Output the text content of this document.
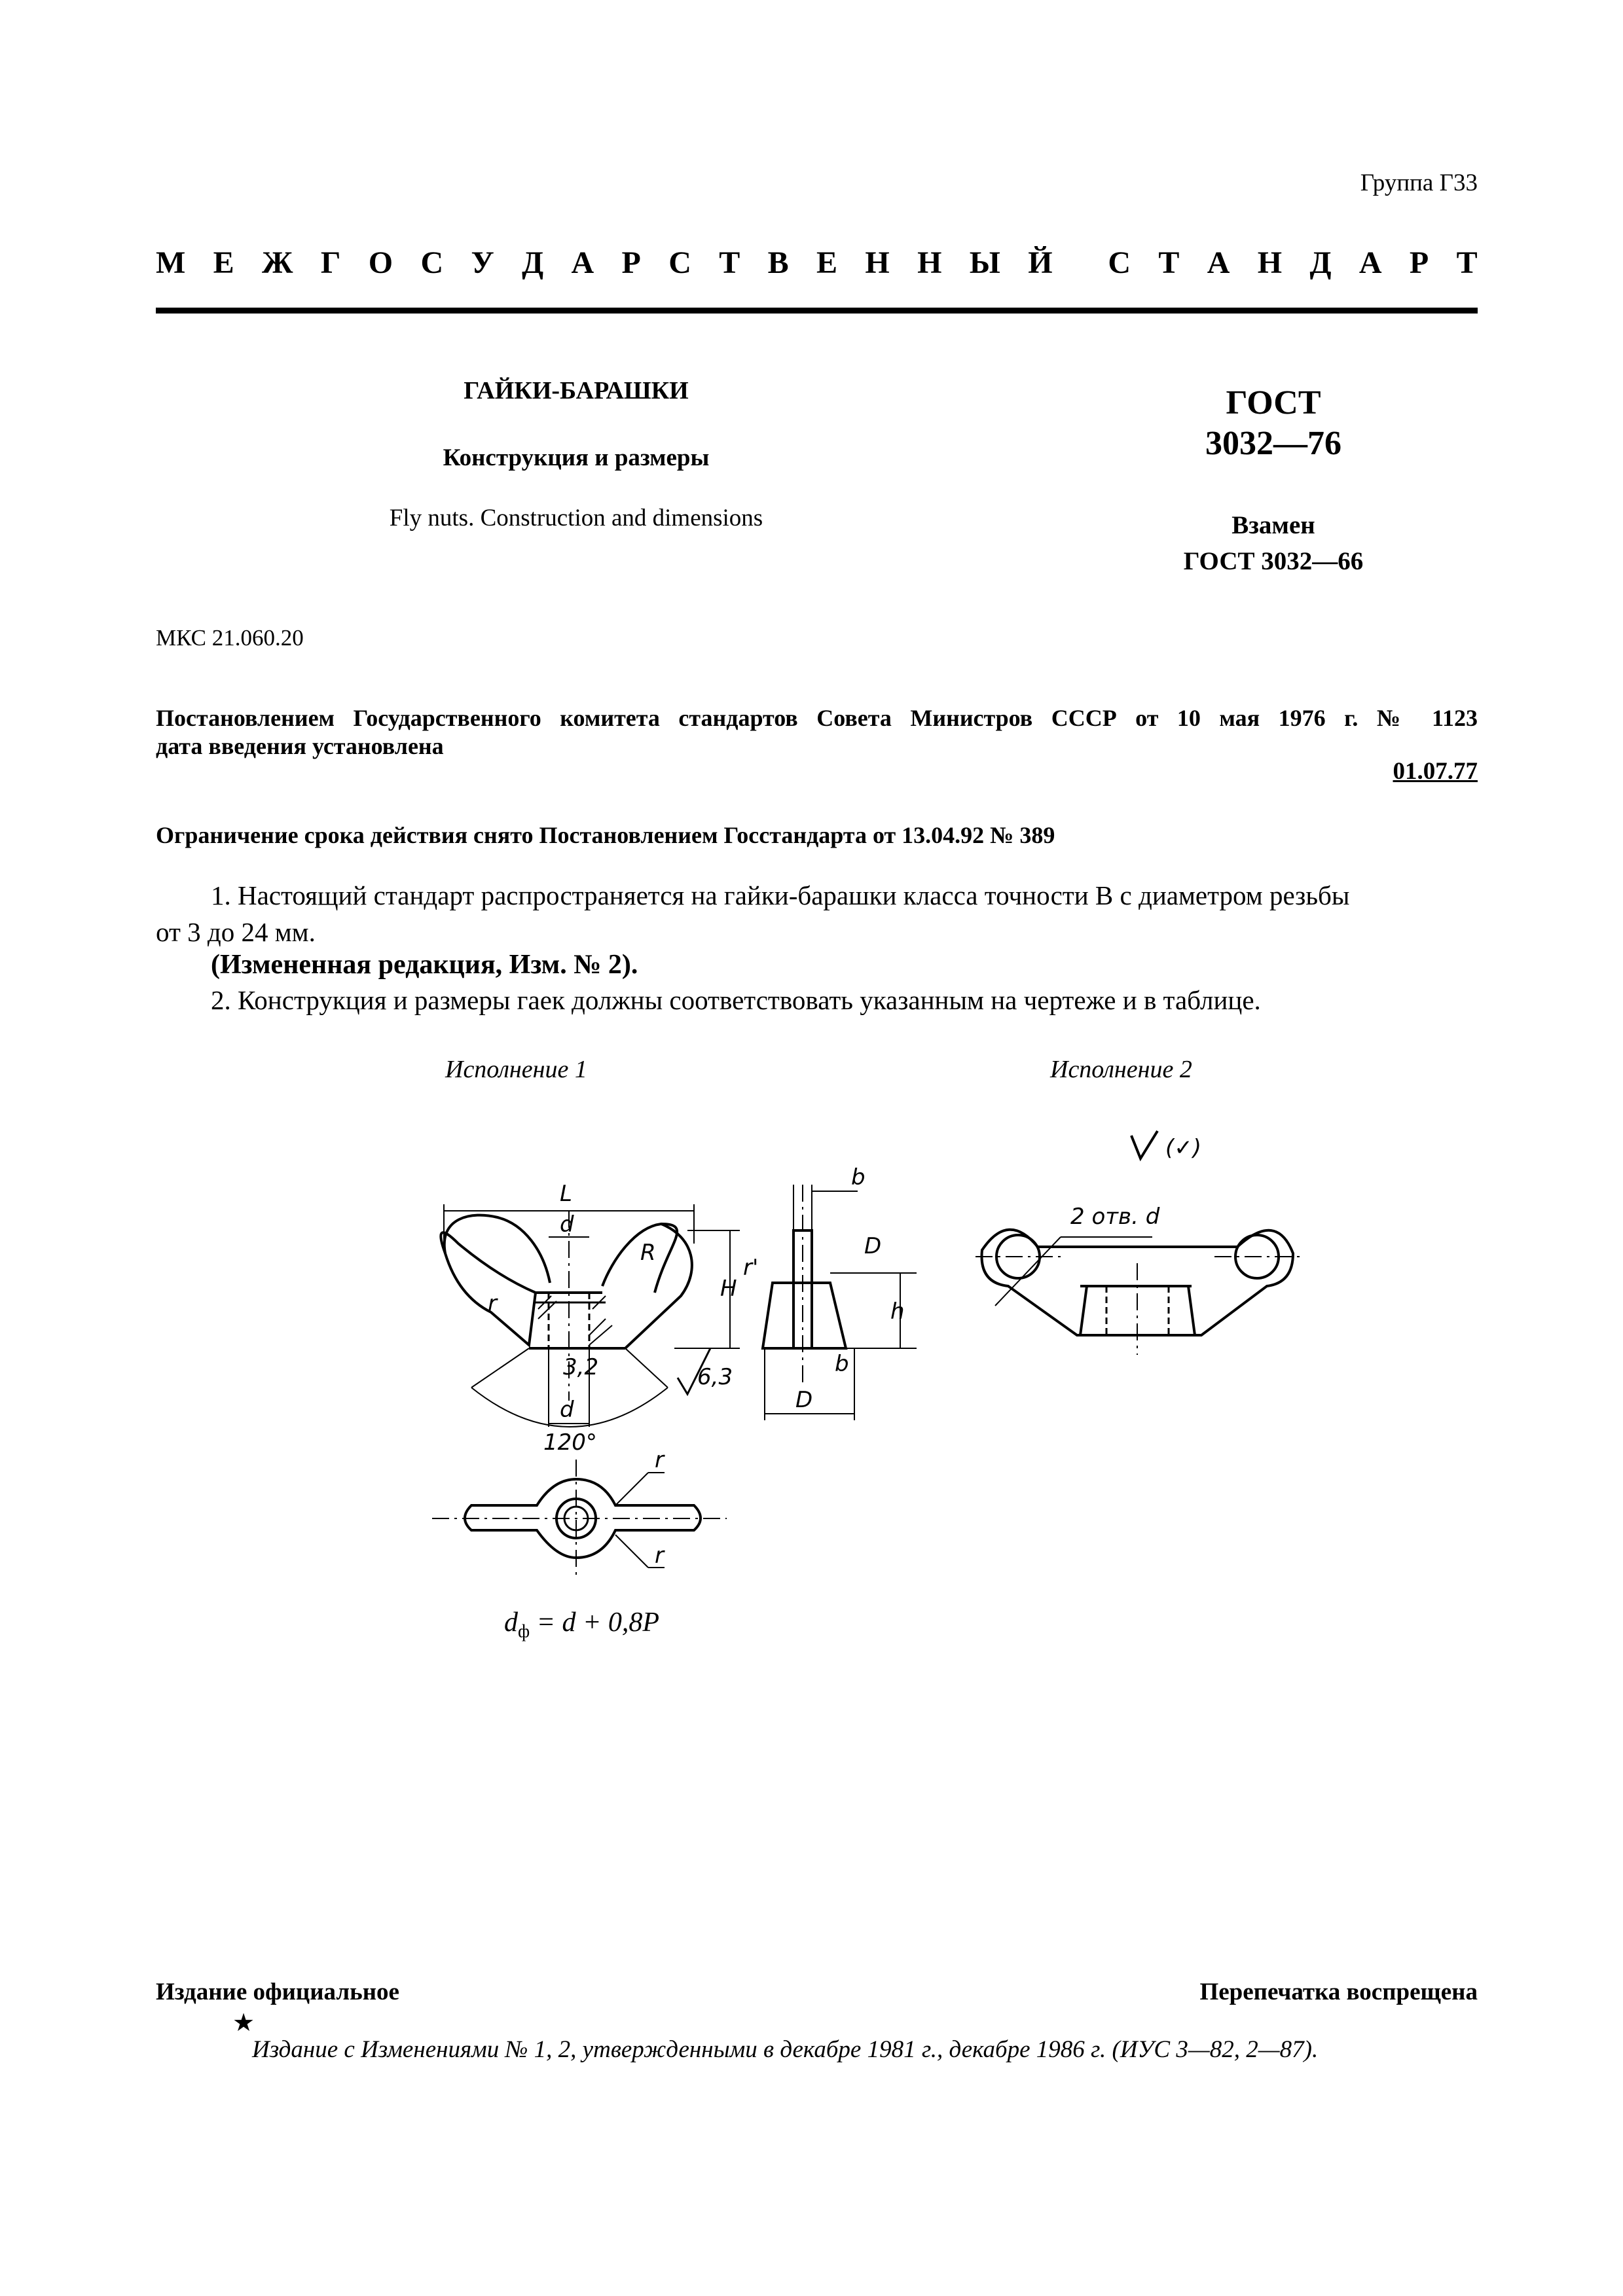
Группа Г33
М Е Ж Г О С У Д А Р С Т В Е Н Н Ы Й С Т А Н Д А Р Т
ГАЙКИ-БАРАШКИ
Конструкция и размеры
Fly nuts. Construction and dimensions
ГОСТ
3032—76
Взамен
ГОСТ 3032—66
МКС 21.060.20
Постановлением Государственного комитета стандартов Совета Министров СССР от 10 мая 1976 г. № 1123
дата введения установлена
01.07.77
Ограничение срока действия снято Постановлением Госстандарта от 13.04.92 № 389
1. Настоящий стандарт распространяется на гайки-барашки класса точности В с диаметром резьбы
от 3 до 24 мм.
(Измененная редакция, Изм. № 2).
2. Конструкция и размеры гаек должны соответствовать указанным на чертеже и в таблице.
Исполнение 1	Исполнение 2
L
d
R
r
H
h
b
b
D
D
r'
120°
3,2
d
6,3
r
r
2 отв. d
(✓)
$d_ф = d + 0,8P$
Издание официальное	Перепечатка воспрещена
★
Издание с Изменениями № 1, 2, утвержденными в декабре 1981 г., декабре 1986 г. (ИУС 3—82, 2—87).
